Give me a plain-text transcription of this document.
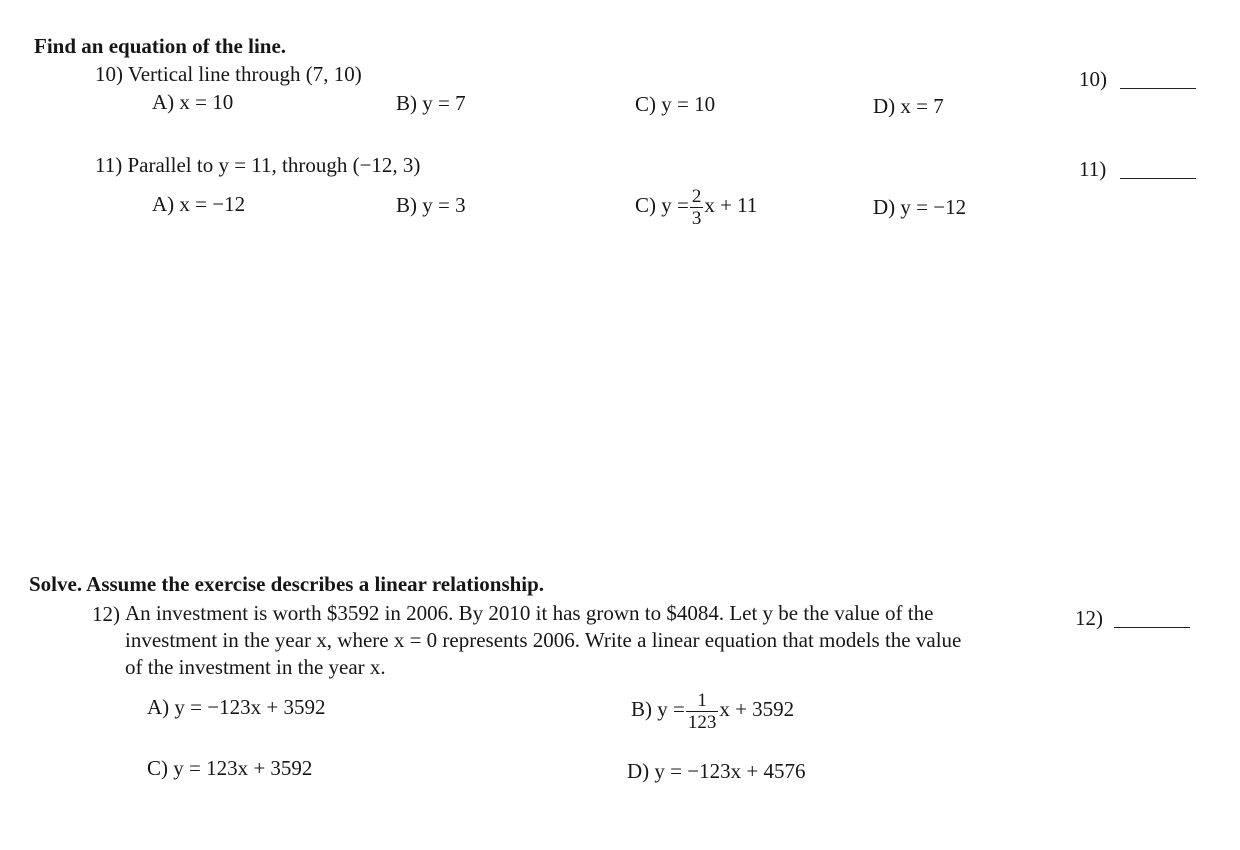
Find an equation of the line.
10) Vertical line through (7, 10)	10)
A) x = 10	B) y = 7	C) y = 10	D) x = 7
11) Parallel to y = 11, through (−12, 3)	11)
A) x = −12	B) y = 3	C) $y = \frac{2}{3}$ x + 11	D) y = −12
Solve. Assume the exercise describes a linear relationship.
12) An investment is worth $3592 in 2006. By 2010 it has grown to $4084. Let y be the value of the
investment in the year x, where x = 0 represents 2006. Write a linear equation that models the value
of the investment in the year x.
12)
A) y = −123x + 3592	B) $y = \frac{1}{123}$ x + 3592
C) y = 123x + 3592	D) y = −123x + 4576
